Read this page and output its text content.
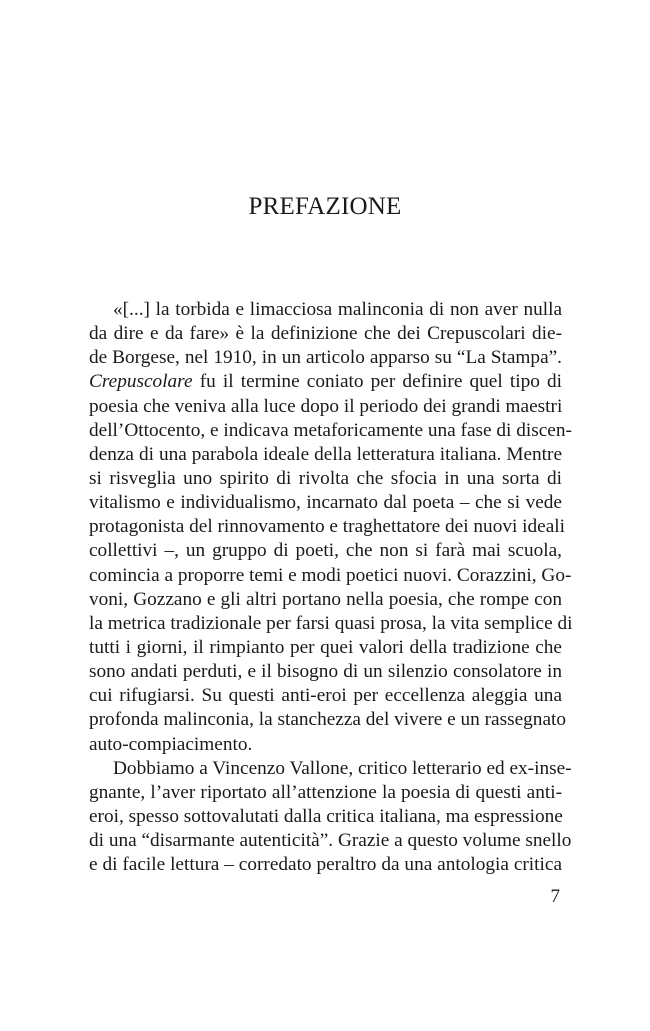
PREFAZIONE
«[...] la torbida e limacciosa malinconia di non aver nulla
da dire e da fare» è la definizione che dei Crepuscolari die-
de Borgese, nel 1910, in un articolo apparso su “La Stampa”.
Crepuscolare fu il termine coniato per definire quel tipo di
poesia che veniva alla luce dopo il periodo dei grandi maestri
dell’Ottocento, e indicava metaforicamente una fase di discen-
denza di una parabola ideale della letteratura italiana. Mentre
si risveglia uno spirito di rivolta che sfocia in una sorta di
vitalismo e individualismo, incarnato dal poeta – che si vede
protagonista del rinnovamento e traghettatore dei nuovi ideali
collettivi –, un gruppo di poeti, che non si farà mai scuola,
comincia a proporre temi e modi poetici nuovi. Corazzini, Go-
voni, Gozzano e gli altri portano nella poesia, che rompe con
la metrica tradizionale per farsi quasi prosa, la vita semplice di
tutti i giorni, il rimpianto per quei valori della tradizione che
sono andati perduti, e il bisogno di un silenzio consolatore in
cui rifugiarsi. Su questi anti-eroi per eccellenza aleggia una
profonda malinconia, la stanchezza del vivere e un rassegnato
auto-compiacimento.
Dobbiamo a Vincenzo Vallone, critico letterario ed ex-inse-
gnante, l’aver riportato all’attenzione la poesia di questi anti-
eroi, spesso sottovalutati dalla critica italiana, ma espressione
di una “disarmante autenticità”. Grazie a questo volume snello
e di facile lettura – corredato peraltro da una antologia critica
7
